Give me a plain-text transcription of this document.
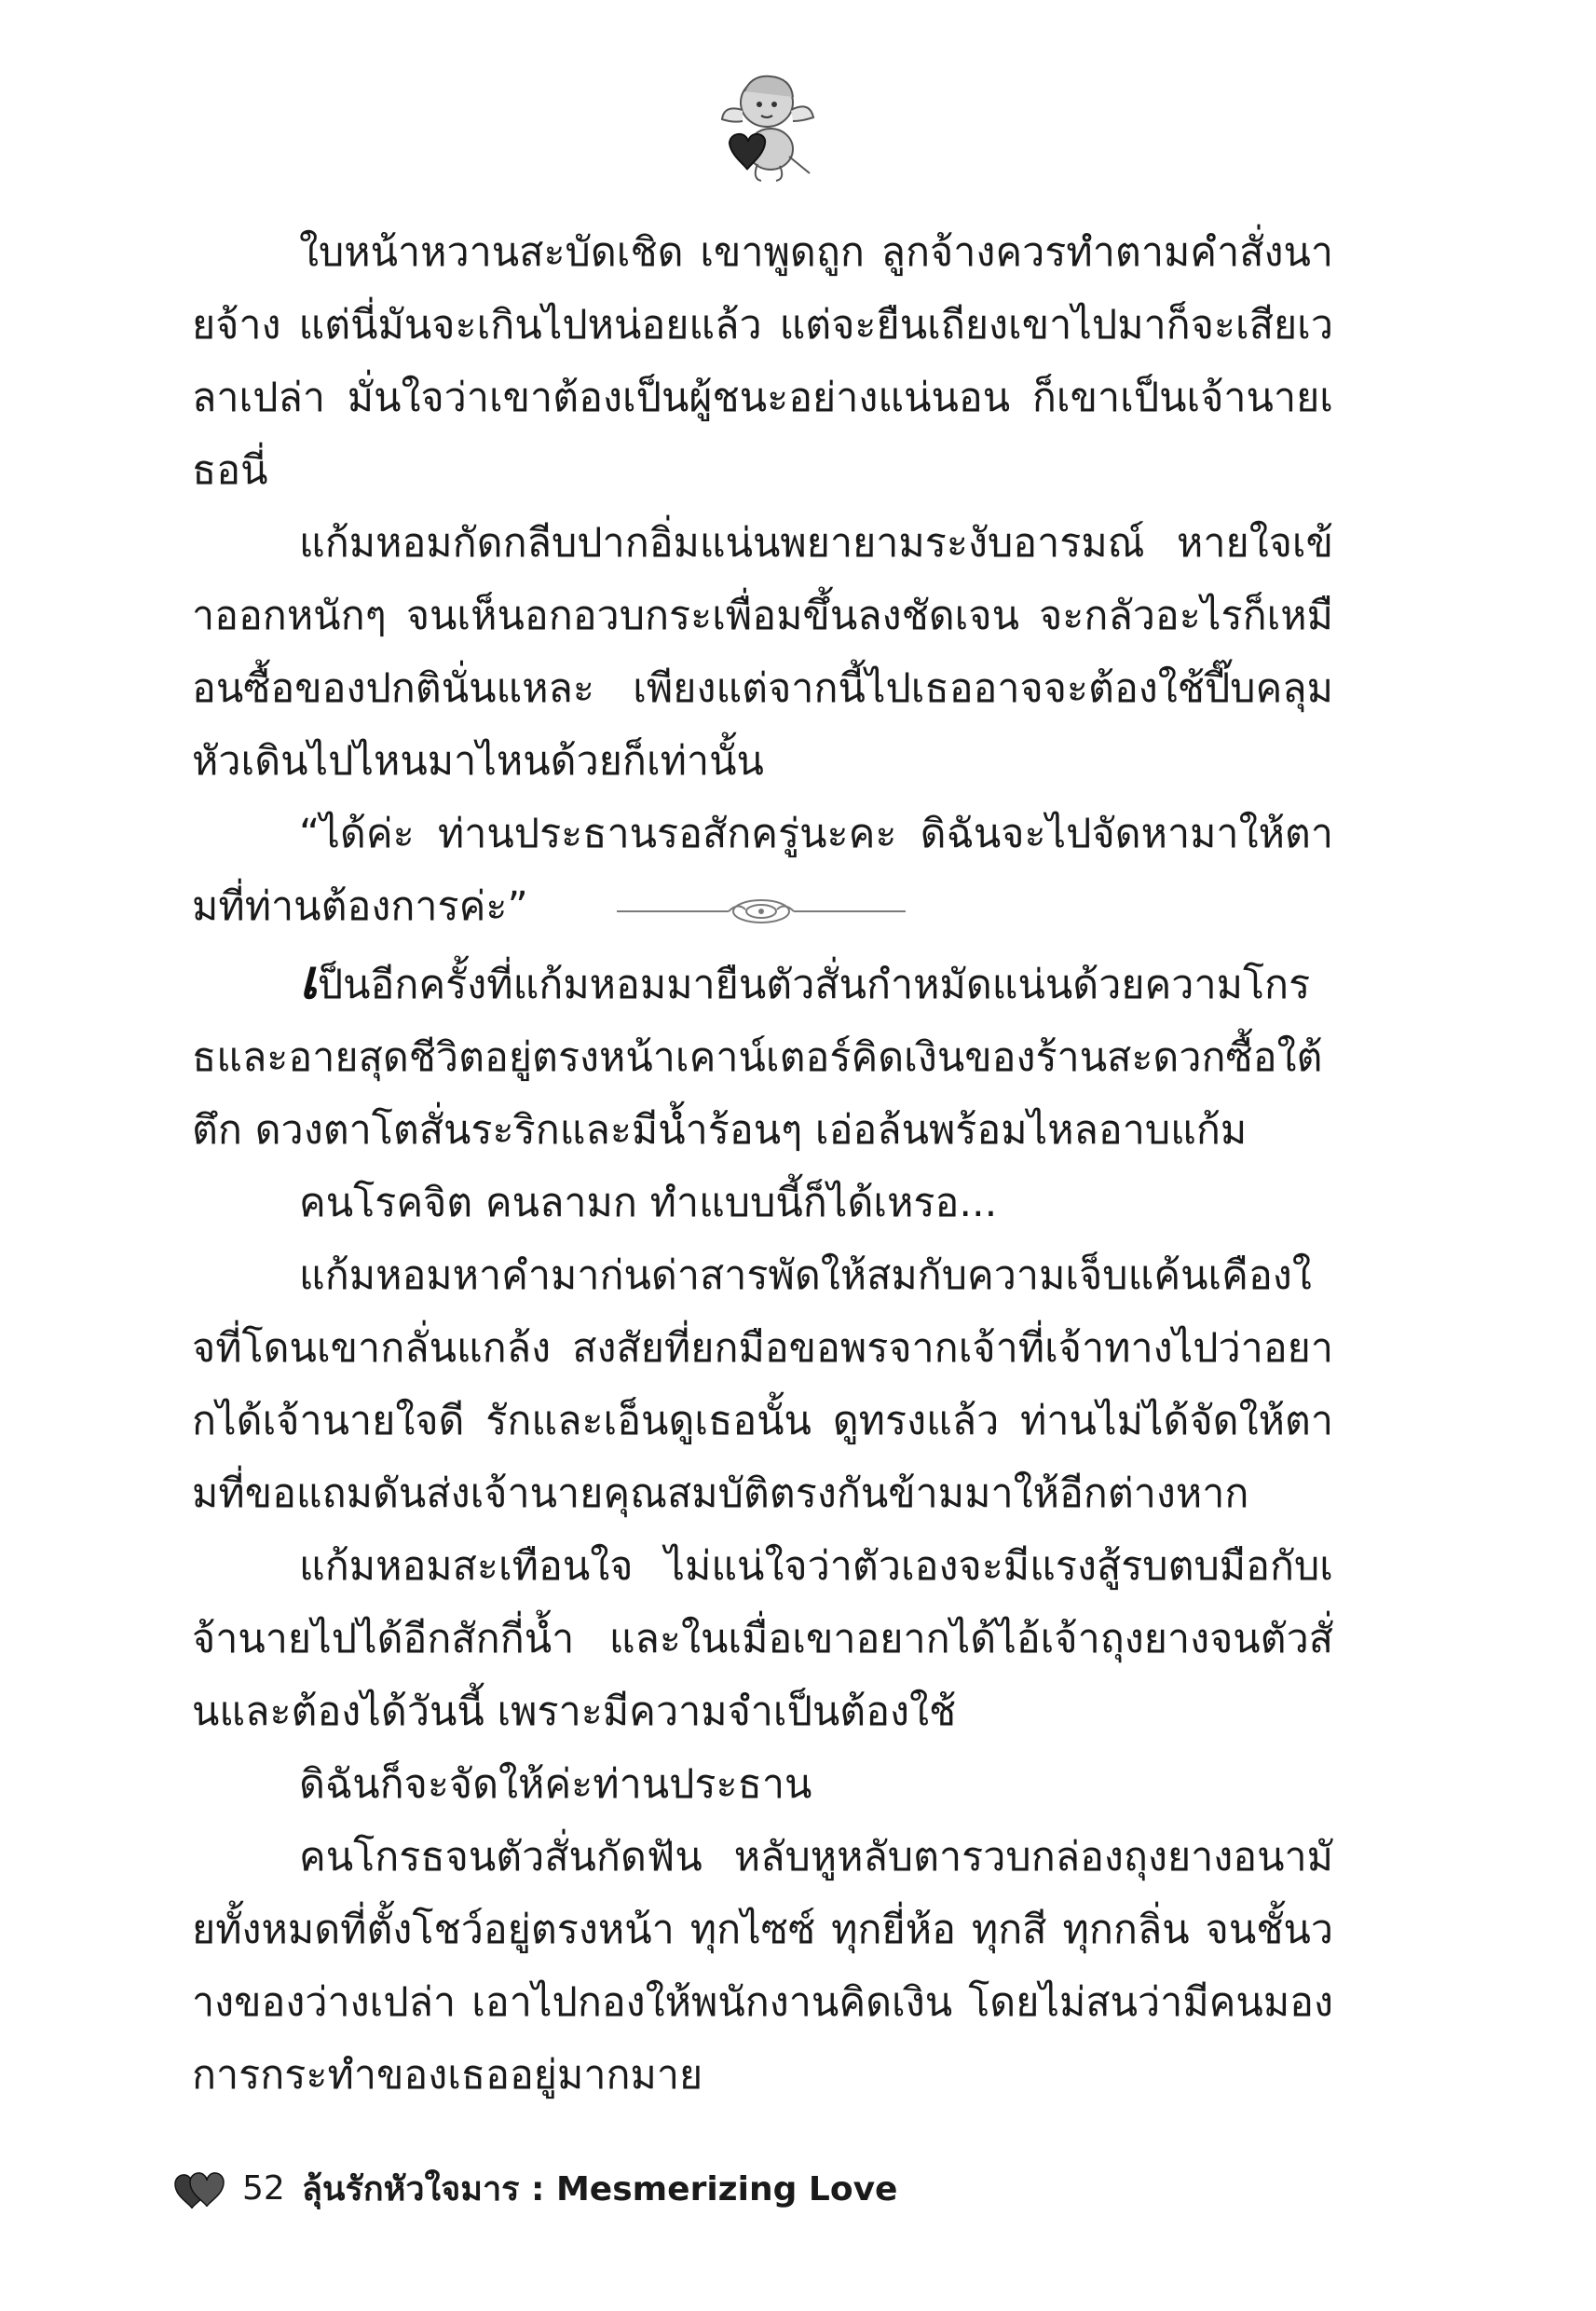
ใบหน้าหวานสะบัดเชิด เขาพูดถูก ลูกจ้างควรทำตามคำสั่งนายจ้าง แต่นี่มันจะเกินไปหน่อยแล้ว แต่จะยืนเถียงเขาไปมาก็จะเสียเวลาเปล่า มั่นใจว่าเขาต้องเป็นผู้ชนะอย่างแน่นอน ก็เขาเป็นเจ้านายเธอนี่

แก้มหอมกัดกลีบปากอิ่มแน่นพยายามระงับอารมณ์ หายใจเข้าออกหนักๆ จนเห็นอกอวบกระเพื่อมขึ้นลงชัดเจน จะกลัวอะไรก็เหมือนซื้อของปกตินั่นแหละ เพียงแต่จากนี้ไปเธออาจจะต้องใช้ปี๊บคลุมหัวเดินไปไหนมาไหนด้วยก็เท่านั้น

“ได้ค่ะ ท่านประธานรอสักครู่นะคะ ดิฉันจะไปจัดหามาให้ตามที่ท่านต้องการค่ะ”

เป็นอีกครั้งที่แก้มหอมมายืนตัวสั่นกำหมัดแน่นด้วยความโกรธและอายสุดชีวิตอยู่ตรงหน้าเคาน์เตอร์คิดเงินของร้านสะดวกซื้อใต้ตึก ดวงตาโตสั่นระริกและมีน้ำร้อนๆ เอ่อล้นพร้อมไหลอาบแก้ม

คนโรคจิต คนลามก ทำแบบนี้ก็ได้เหรอ...

แก้มหอมหาคำมาก่นด่าสารพัดให้สมกับความเจ็บแค้นเคืองใจที่โดนเขากลั่นแกล้ง สงสัยที่ยกมือขอพรจากเจ้าที่เจ้าทางไปว่าอยากได้เจ้านายใจดี รักและเอ็นดูเธอนั้น ดูทรงแล้ว ท่านไม่ได้จัดให้ตามที่ขอแถมดันส่งเจ้านายคุณสมบัติตรงกันข้ามมาให้อีกต่างหาก

แก้มหอมสะเทือนใจ ไม่แน่ใจว่าตัวเองจะมีแรงสู้รบตบมือกับเจ้านายไปได้อีกสักกี่น้ำ และในเมื่อเขาอยากได้ไอ้เจ้าถุงยางจนตัวสั่นและต้องได้วันนี้ เพราะมีความจำเป็นต้องใช้

ดิฉันก็จะจัดให้ค่ะท่านประธาน

คนโกรธจนตัวสั่นกัดฟัน หลับหูหลับตารวบกล่องถุงยางอนามัยทั้งหมดที่ตั้งโชว์อยู่ตรงหน้า ทุกไซซ์ ทุกยี่ห้อ ทุกสี ทุกกลิ่น จนชั้นวางของว่างเปล่า เอาไปกองให้พนักงานคิดเงิน โดยไม่สนว่ามีคนมองการกระทำของเธออยู่มากมาย

52 ลุ้นรักหัวใจมาร : Mesmerizing Love
